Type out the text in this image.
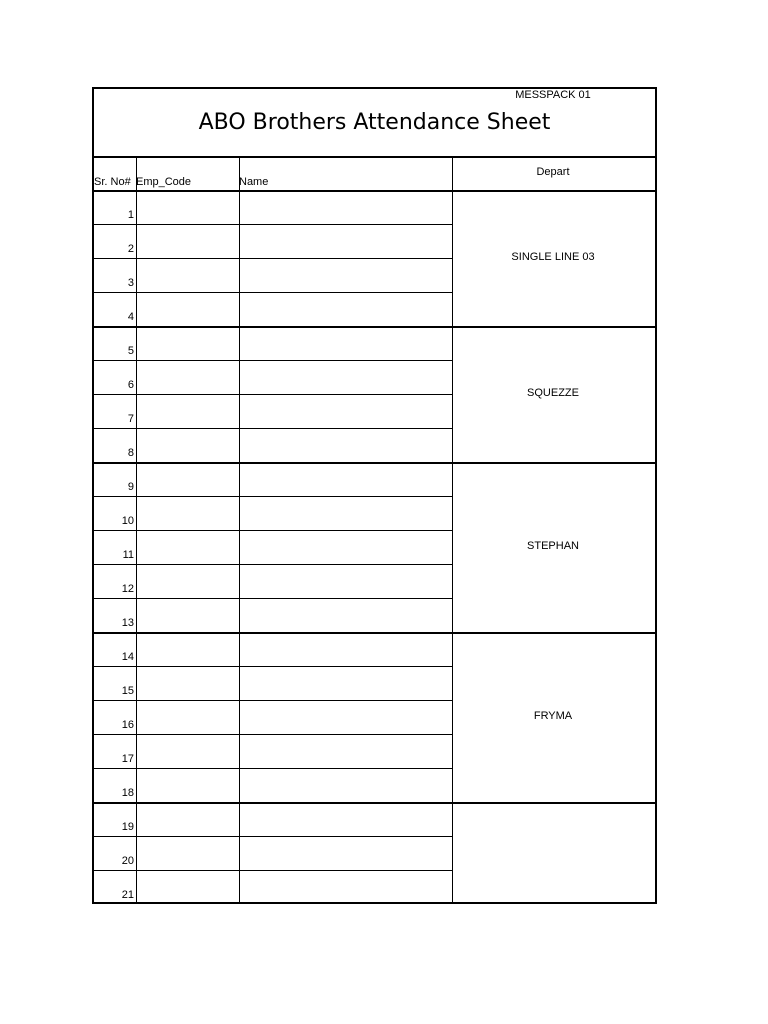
ABO Brothers Attendance Sheet
Sr. No# Emp_Code	Name
Depart
1
2
3
4
5
6
7
8
9
10
11
12
13
14
15
16
17
18
19
20
21
SINGLE LINE 03
SQUEZZE
STEPHAN
FRYMA
MESSPACK 01
